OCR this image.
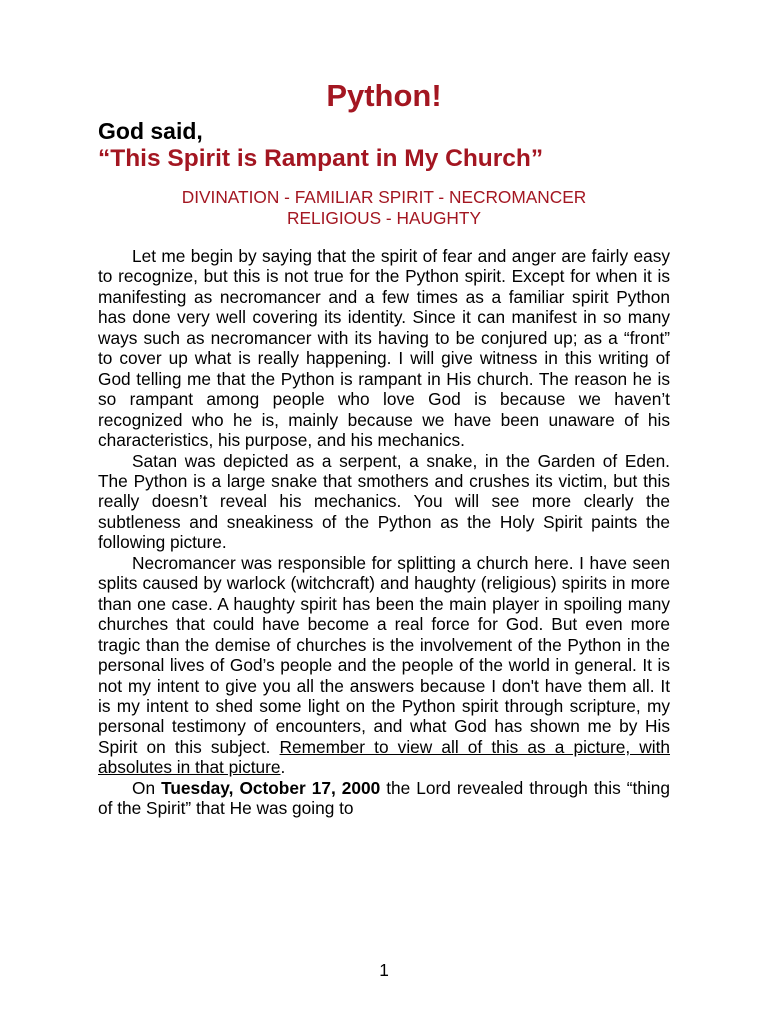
Python!
God said,
“This Spirit is Rampant in My Church”
DIVINATION - FAMILIAR SPIRIT - NECROMANCER
RELIGIOUS - HAUGHTY

Let me begin by saying that the spirit of fear and anger are fairly easy to recognize, but this is not true for the Python spirit. Except for when it is manifesting as necromancer and a few times as a familiar spirit Python has done very well covering its identity. Since it can manifest in so many ways such as necromancer with its having to be conjured up; as a “front” to cover up what is really happening. I will give witness in this writing of God telling me that the Python is rampant in His church. The reason he is so rampant among people who love God is because we haven’t recognized who he is, mainly because we have been unaware of his characteristics, his purpose, and his mechanics.

Satan was depicted as a serpent, a snake, in the Garden of Eden. The Python is a large snake that smothers and crushes its victim, but this really doesn’t reveal his mechanics. You will see more clearly the subtleness and sneakiness of the Python as the Holy Spirit paints the following picture.

Necromancer was responsible for splitting a church here. I have seen splits caused by warlock (witchcraft) and haughty (religious) spirits in more than one case. A haughty spirit has been the main player in spoiling many churches that could have become a real force for God. But even more tragic than the demise of churches is the involvement of the Python in the personal lives of God’s people and the people of the world in general. It is not my intent to give you all the answers because I don't have them all. It is my intent to shed some light on the Python spirit through scripture, my personal testimony of encounters, and what God has shown me by His Spirit on this subject. Remember to view all of this as a picture, with absolutes in that picture.

On Tuesday, October 17, 2000 the Lord revealed through this “thing of the Spirit” that He was going to

1
